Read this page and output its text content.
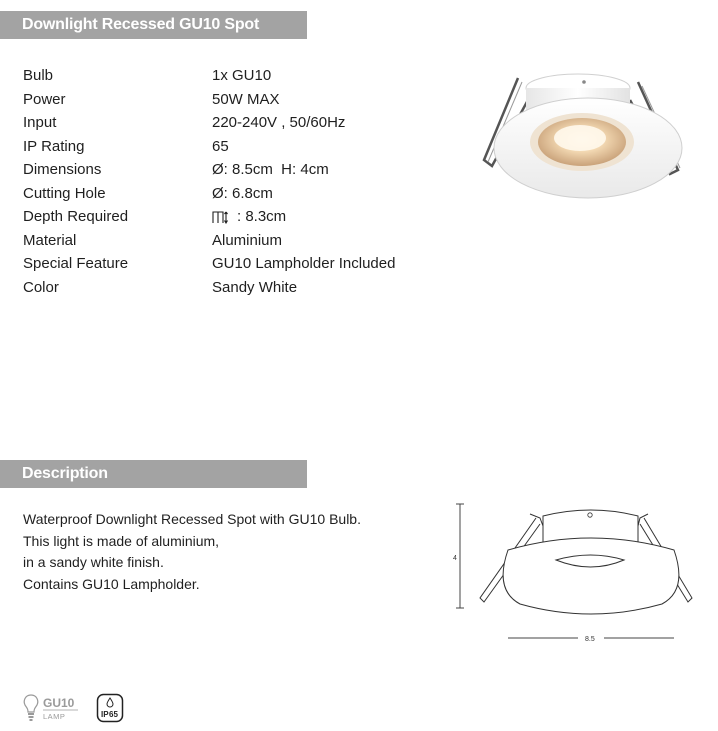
Downlight Recessed GU10 Spot
Bulb	1x GU10
Power	50W MAX
Input	220-240V , 50/60Hz
IP Rating	65
Dimensions	Ø: 8.5cm  H: 4cm
Cutting Hole	Ø: 6.8cm
Depth Required	: 8.3cm
Material	Aluminium
Special Feature	GU10 Lampholder Included
Color	Sandy White
Description
Waterproof Downlight Recessed Spot with GU10 Bulb.
This light is made of aluminium,
in a sandy white finish.
Contains GU10 Lampholder.
4
8.5
GU10
LAMP	IP 65
